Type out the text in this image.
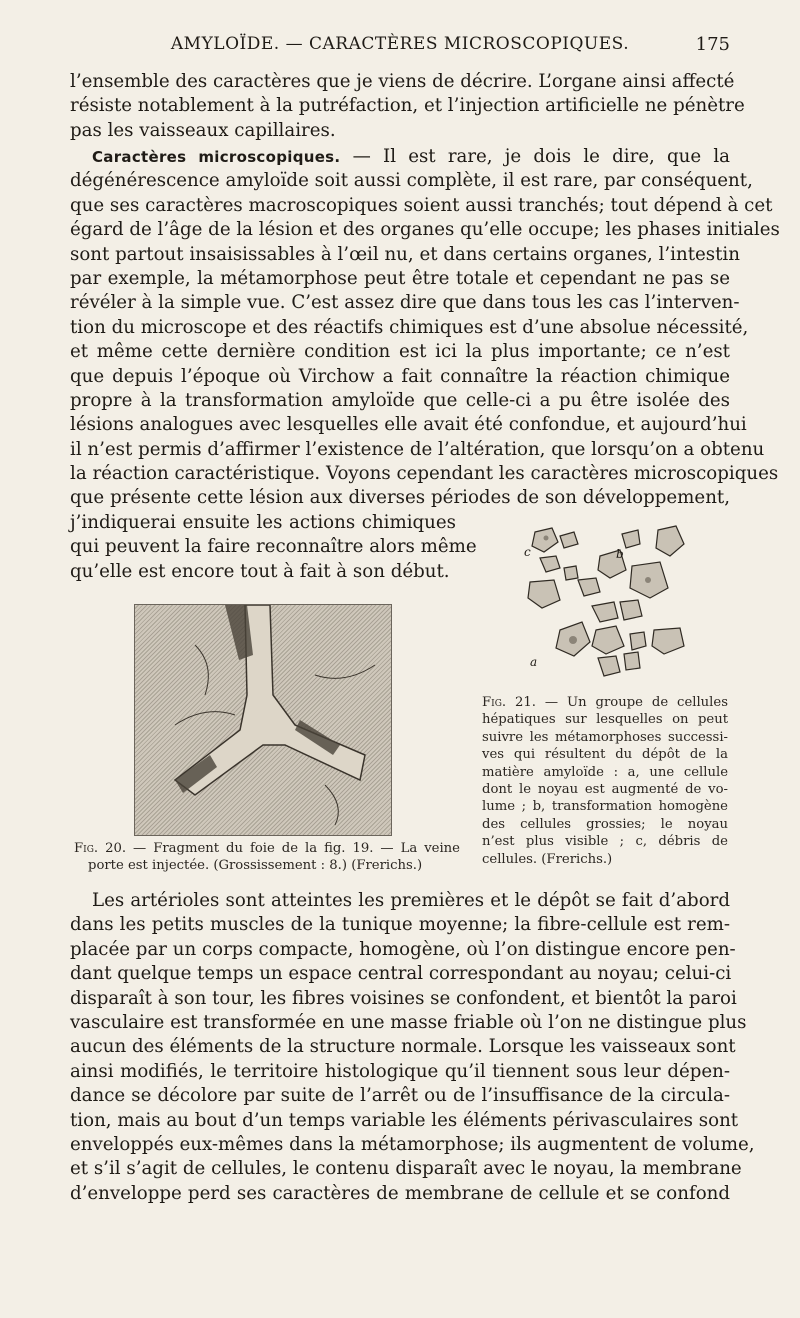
AMYLOÏDE. — CARACTÈRES MICROSCOPIQUES.	175
l’ensemble des caractères que je viens de décrire. L’organe ainsi affecté
résiste notablement à la putréfaction, et l’injection artificielle ne pénètre
pas les vaisseaux capillaires.
Caractères microscopiques. — Il est rare, je dois le dire, que la
dégénérescence amyloïde soit aussi complète, il est rare, par conséquent,
que ses caractères macroscopiques soient aussi tranchés; tout dépend à cet
égard de l’âge de la lésion et des organes qu’elle occupe; les phases initiales
sont partout insaisissables à l’œil nu, et dans certains organes, l’intestin
par exemple, la métamorphose peut être totale et cependant ne pas se
révéler à la simple vue. C’est assez dire que dans tous les cas l’interven-
tion du microscope et des réactifs chimiques est d’une absolue nécessité,
et même cette dernière condition est ici la plus importante; ce n’est
que depuis l’époque où Virchow a fait connaître la réaction chimique
propre à la transformation amyloïde que celle-ci a pu être isolée des
lésions analogues avec lesquelles elle avait été confondue, et aujourd’hui
il n’est permis d’affirmer l’existence de l’altération, que lorsqu’on a obtenu
la réaction caractéristique. Voyons cependant les caractères microscopiques
que présente cette lésion aux diverses périodes de son développement,
j’indiquerai ensuite les actions chimiques
qui peuvent la faire reconnaître alors même
qu’elle est encore tout à fait à son début.
Fig. 20. — Fragment du foie de la fig. 19. — La veine
porte est injectée. (Grossissement : 8.) (Frerichs.)
c	b
a
Fig. 21. — Un groupe de cellules
hépatiques sur lesquelles on peut
suivre les métamorphoses successi-
ves qui résultent du dépôt de la
matière amyloïde : a, une cellule
dont le noyau est augmenté de vo-
lume ; b, transformation homogène
des cellules grossies; le noyau
n’est plus visible ; c, débris de
cellules. (Frerichs.)
Les artérioles sont atteintes les premières et le dépôt se fait d’abord
dans les petits muscles de la tunique moyenne; la fibre-cellule est rem-
placée par un corps compacte, homogène, où l’on distingue encore pen-
dant quelque temps un espace central correspondant au noyau; celui-ci
disparaît à son tour, les fibres voisines se confondent, et bientôt la paroi
vasculaire est transformée en une masse friable où l’on ne distingue plus
aucun des éléments de la structure normale. Lorsque les vaisseaux sont
ainsi modifiés, le territoire histologique qu’il tiennent sous leur dépen-
dance se décolore par suite de l’arrêt ou de l’insuffisance de la circula-
tion, mais au bout d’un temps variable les éléments périvasculaires sont
enveloppés eux-mêmes dans la métamorphose; ils augmentent de volume,
et s’il s’agit de cellules, le contenu disparaît avec le noyau, la membrane
d’enveloppe perd ses caractères de membrane de cellule et se confond
